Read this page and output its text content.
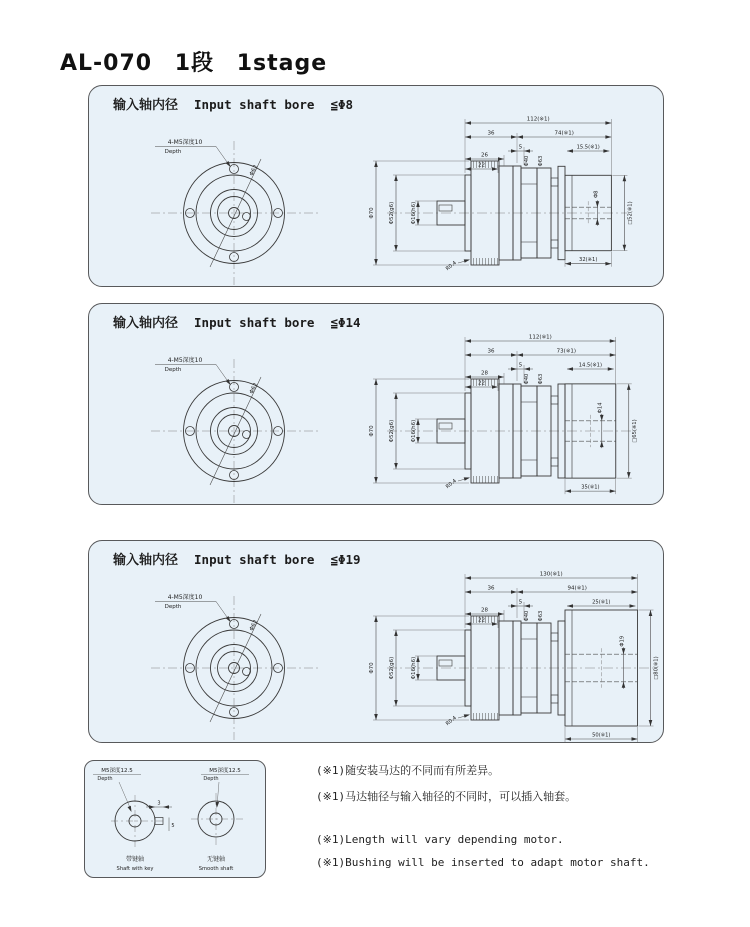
AL-070 1段 1stage
输入轴内径 Input shaft bore ≦Φ8
Φ62
4-M5深度10
Depth
112(※1)
36	74(※1)
5
26
22
15.5(※1)
Φ40 Φ63
Φ70	Φ52(g6)	Φ16(h6)
Φ8
□52(※1)
32(※1)
R0.4
输入轴内径 Input shaft bore ≦Φ14
Φ62
4-M5深度10
Depth
112(※1)
36	73(※1)
5
28
22
14.5(※1)
Φ40 Φ63
Φ70	Φ52(g6)	Φ16(h6)
Φ14
□65(※1)
35(※1)
R0.4
输入轴内径 Input shaft bore ≦Φ19
Φ62
4-M5深度10
Depth
130(※1)
36	94(※1)
5
28
22
25(※1)
Φ40 Φ63
Φ70	Φ52(g6)	Φ16(h6)
Φ19
□80(※1)
50(※1)
R0.4
3
5
M5深度12.5
Depth
带键轴
Shaft with key
M5深度12.5
Depth
无键轴
Smooth shaft
(※1)随安装马达的不同而有所差异。
(※1)马达轴径与输入轴径的不同时，可以插入轴套。
(※1)Length will vary depending motor.
(※1)Bushing will be inserted to adapt motor shaft.
